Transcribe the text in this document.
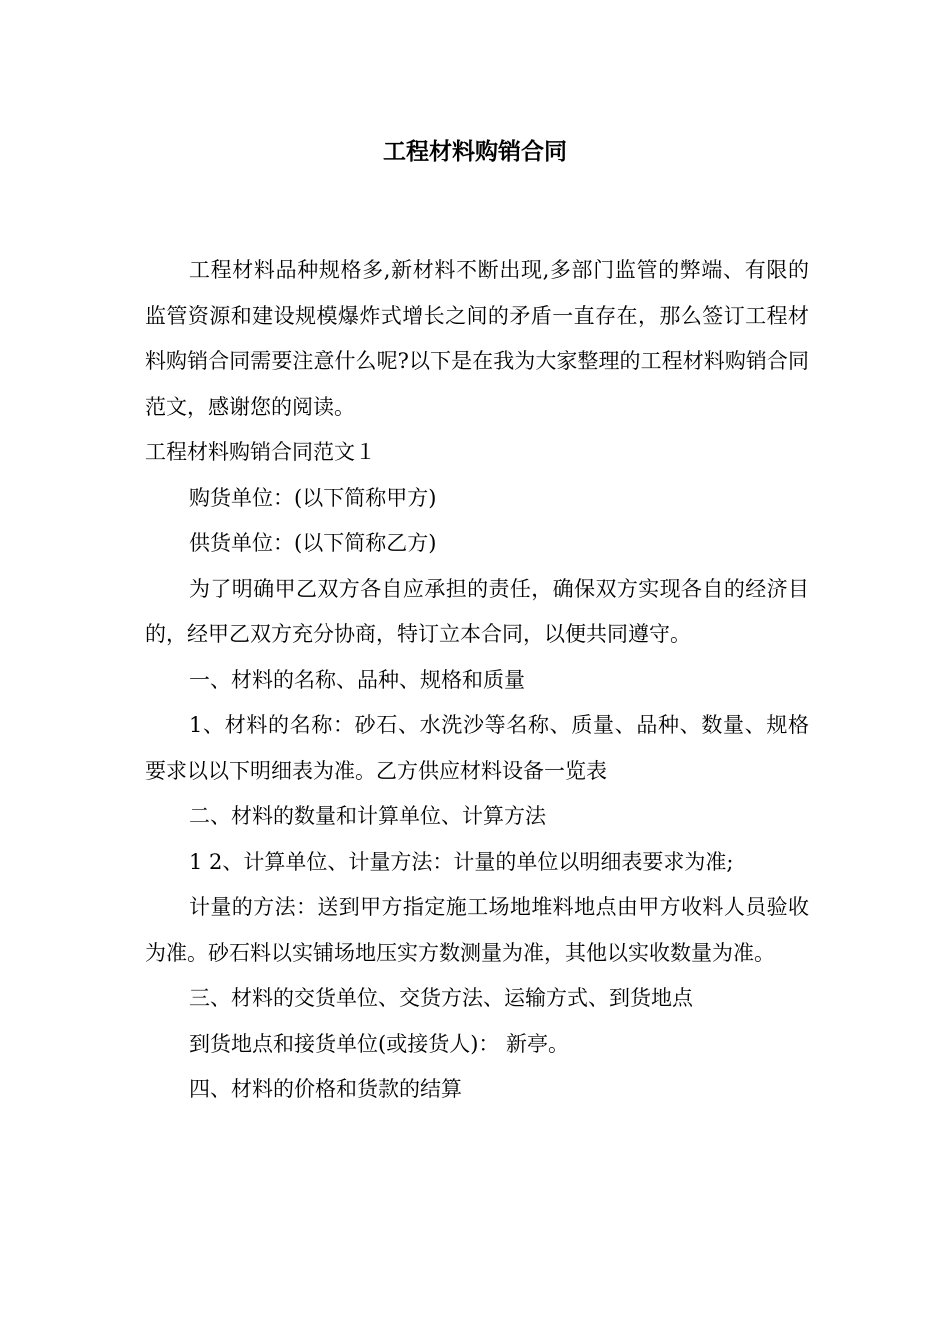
工程材料购销合同

工程材料品种规格多,新材料不断出现,多部门监管的弊端、有限的监管资源和建设规模爆炸式增长之间的矛盾一直存在，那么签订工程材料购销合同需要注意什么呢?以下是在我为大家整理的工程材料购销合同范文，感谢您的阅读。

工程材料购销合同范文１

购货单位：(以下简称甲方)

供货单位：(以下简称乙方)

为了明确甲乙双方各自应承担的责任，确保双方实现各自的经济目的，经甲乙双方充分协商，特订立本合同，以便共同遵守。

一、材料的名称、品种、规格和质量

1、材料的名称：砂石、水洗沙等名称、质量、品种、数量、规格要求以以下明细表为准。乙方供应材料设备一览表

二、材料的数量和计算单位、计算方法

1 2、计算单位、计量方法：计量的单位以明细表要求为准;

计量的方法：送到甲方指定施工场地堆料地点由甲方收料人员验收为准。砂石料以实铺场地压实方数测量为准，其他以实收数量为准。

三、材料的交货单位、交货方法、运输方式、到货地点

到货地点和接货单位(或接货人)： 新亭。

四、材料的价格和货款的结算
